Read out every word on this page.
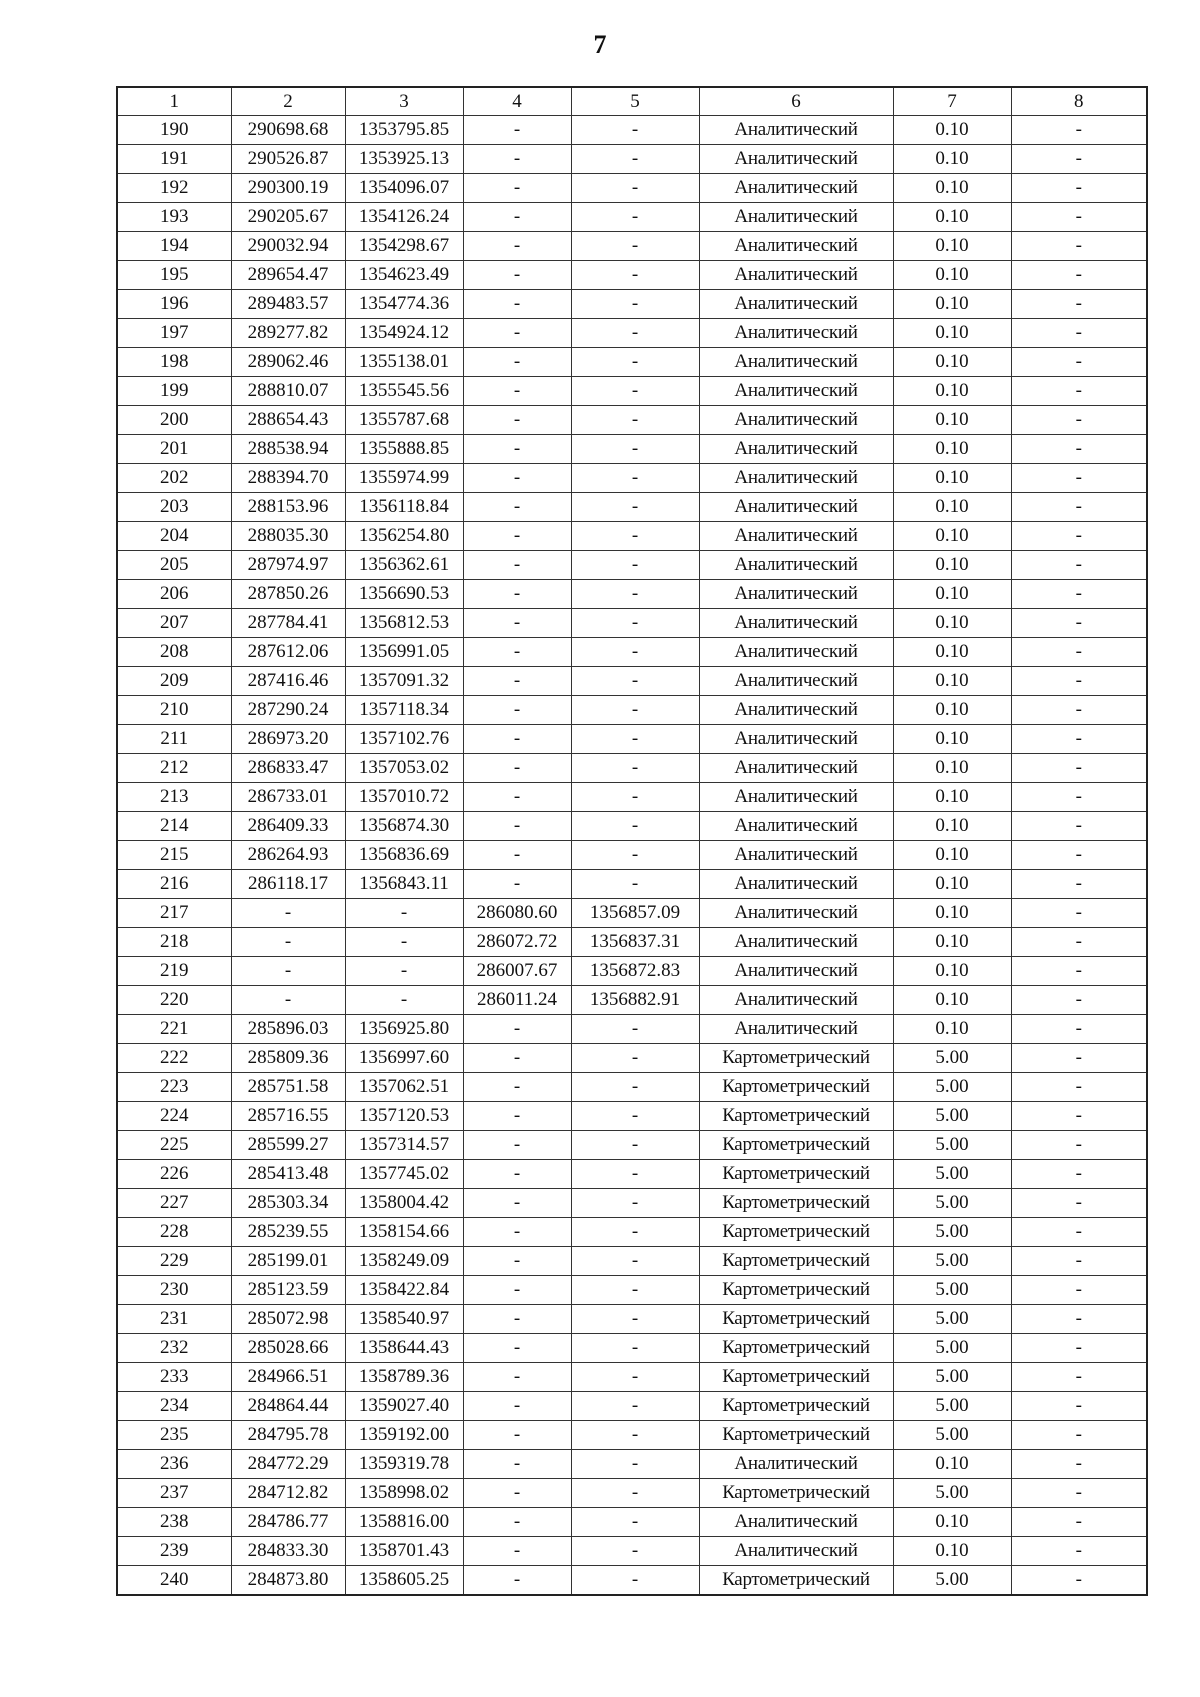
7
1	2	3	4	5	6	7	8
190	290698.68	1353795.85	-	-	Аналитический	0.10	-
191	290526.87	1353925.13	-	-	Аналитический	0.10	-
192	290300.19	1354096.07	-	-	Аналитический	0.10	-
193	290205.67	1354126.24	-	-	Аналитический	0.10	-
194	290032.94	1354298.67	-	-	Аналитический	0.10	-
195	289654.47	1354623.49	-	-	Аналитический	0.10	-
196	289483.57	1354774.36	-	-	Аналитический	0.10	-
197	289277.82	1354924.12	-	-	Аналитический	0.10	-
198	289062.46	1355138.01	-	-	Аналитический	0.10	-
199	288810.07	1355545.56	-	-	Аналитический	0.10	-
200	288654.43	1355787.68	-	-	Аналитический	0.10	-
201	288538.94	1355888.85	-	-	Аналитический	0.10	-
202	288394.70	1355974.99	-	-	Аналитический	0.10	-
203	288153.96	1356118.84	-	-	Аналитический	0.10	-
204	288035.30	1356254.80	-	-	Аналитический	0.10	-
205	287974.97	1356362.61	-	-	Аналитический	0.10	-
206	287850.26	1356690.53	-	-	Аналитический	0.10	-
207	287784.41	1356812.53	-	-	Аналитический	0.10	-
208	287612.06	1356991.05	-	-	Аналитический	0.10	-
209	287416.46	1357091.32	-	-	Аналитический	0.10	-
210	287290.24	1357118.34	-	-	Аналитический	0.10	-
211	286973.20	1357102.76	-	-	Аналитический	0.10	-
212	286833.47	1357053.02	-	-	Аналитический	0.10	-
213	286733.01	1357010.72	-	-	Аналитический	0.10	-
214	286409.33	1356874.30	-	-	Аналитический	0.10	-
215	286264.93	1356836.69	-	-	Аналитический	0.10	-
216	286118.17	1356843.11	-	-	Аналитический	0.10	-
217	-	-	286080.60	1356857.09	Аналитический	0.10	-
218	-	-	286072.72	1356837.31	Аналитический	0.10	-
219	-	-	286007.67	1356872.83	Аналитический	0.10	-
220	-	-	286011.24	1356882.91	Аналитический	0.10	-
221	285896.03	1356925.80	-	-	Аналитический	0.10	-
222	285809.36	1356997.60	-	-	Картометрический	5.00	-
223	285751.58	1357062.51	-	-	Картометрический	5.00	-
224	285716.55	1357120.53	-	-	Картометрический	5.00	-
225	285599.27	1357314.57	-	-	Картометрический	5.00	-
226	285413.48	1357745.02	-	-	Картометрический	5.00	-
227	285303.34	1358004.42	-	-	Картометрический	5.00	-
228	285239.55	1358154.66	-	-	Картометрический	5.00	-
229	285199.01	1358249.09	-	-	Картометрический	5.00	-
230	285123.59	1358422.84	-	-	Картометрический	5.00	-
231	285072.98	1358540.97	-	-	Картометрический	5.00	-
232	285028.66	1358644.43	-	-	Картометрический	5.00	-
233	284966.51	1358789.36	-	-	Картометрический	5.00	-
234	284864.44	1359027.40	-	-	Картометрический	5.00	-
235	284795.78	1359192.00	-	-	Картометрический	5.00	-
236	284772.29	1359319.78	-	-	Аналитический	0.10	-
237	284712.82	1358998.02	-	-	Картометрический	5.00	-
238	284786.77	1358816.00	-	-	Аналитический	0.10	-
239	284833.30	1358701.43	-	-	Аналитический	0.10	-
240	284873.80	1358605.25	-	-	Картометрический	5.00	-
